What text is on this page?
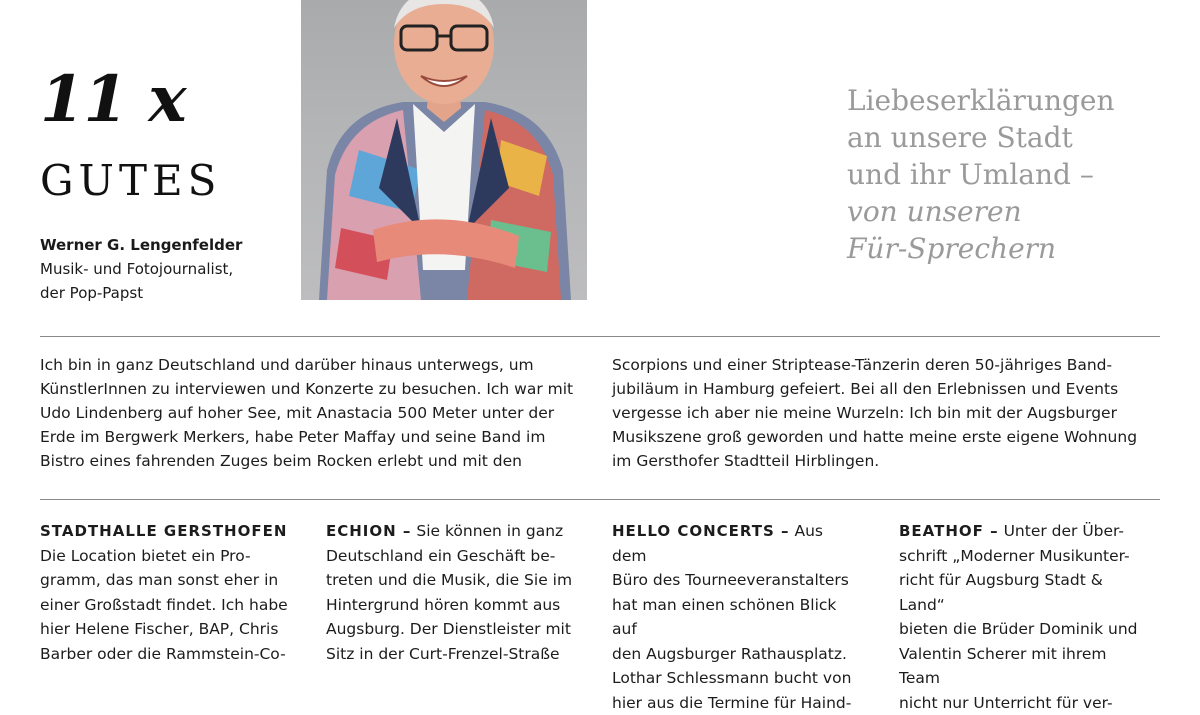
11 x
GUTES
Werner G. Lengenfelder
Musik- und Fotojournalist,
der Pop-Papst
Liebeserklärungen
an unsere Stadt
und ihr Umland –
von unseren
Für-Sprechern
Ich bin in ganz Deutschland und darüber hinaus unterwegs, um
KünstlerInnen zu interviewen und Konzerte zu besuchen. Ich war mit
Udo Lindenberg auf hoher See, mit Anastacia 500 Meter unter der
Erde im Bergwerk Merkers, habe Peter Maffay und seine Band im
Bistro eines fahrenden Zuges beim Rocken erlebt und mit den
Scorpions und einer Striptease-Tänzerin deren 50-jähriges Band-
jubiläum in Hamburg gefeiert. Bei all den Erlebnissen und Events
vergesse ich aber nie meine Wurzeln: Ich bin mit der Augsburger
Musikszene groß geworden und hatte meine erste eigene Wohnung
im Gersthofer Stadtteil Hirblingen.
STADTHALLE GERSTHOFEN
Die Location bietet ein Pro-
gramm, das man sonst eher in
einer Großstadt findet. Ich habe
hier Helene Fischer, BAP, Chris
Barber oder die Rammstein-Co-
ECHION – Sie können in ganz
Deutschland ein Geschäft be-
treten und die Musik, die Sie im
Hintergrund hören kommt aus
Augsburg. Der Dienstleister mit
Sitz in der Curt-Frenzel-Straße
HELLO CONCERTS – Aus dem
Büro des Tourneeveranstalters
hat man einen schönen Blick auf
den Augsburger Rathausplatz.
Lothar Schlessmann bucht von
hier aus die Termine für Haind-
BEATHOF – Unter der Über-
schrift „Moderner Musikunter-
richt für Augsburg Stadt & Land“
bieten die Brüder Dominik und
Valentin Scherer mit ihrem Team
nicht nur Unterricht für ver-
